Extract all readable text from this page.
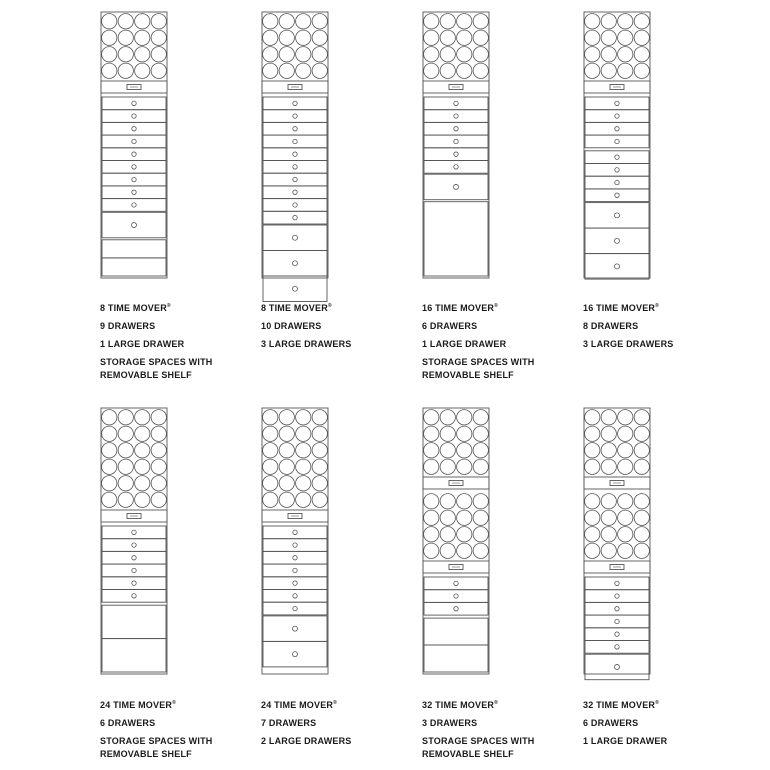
8 TIME MOVER®
9 DRAWERS
1 LARGE DRAWER
STORAGE SPACES WITH
REMOVABLE SHELF
8 TIME MOVER®
10 DRAWERS
3 LARGE DRAWERS
16 TIME MOVER®
6 DRAWERS
1 LARGE DRAWER
STORAGE SPACES WITH
REMOVABLE SHELF
16 TIME MOVER®
8 DRAWERS
3 LARGE DRAWERS
24 TIME MOVER®
6 DRAWERS
STORAGE SPACES WITH
REMOVABLE SHELF
24 TIME MOVER®
7 DRAWERS
2 LARGE DRAWERS
32 TIME MOVER®
3 DRAWERS
STORAGE SPACES WITH
REMOVABLE SHELF
32 TIME MOVER®
6 DRAWERS
1 LARGE DRAWER
